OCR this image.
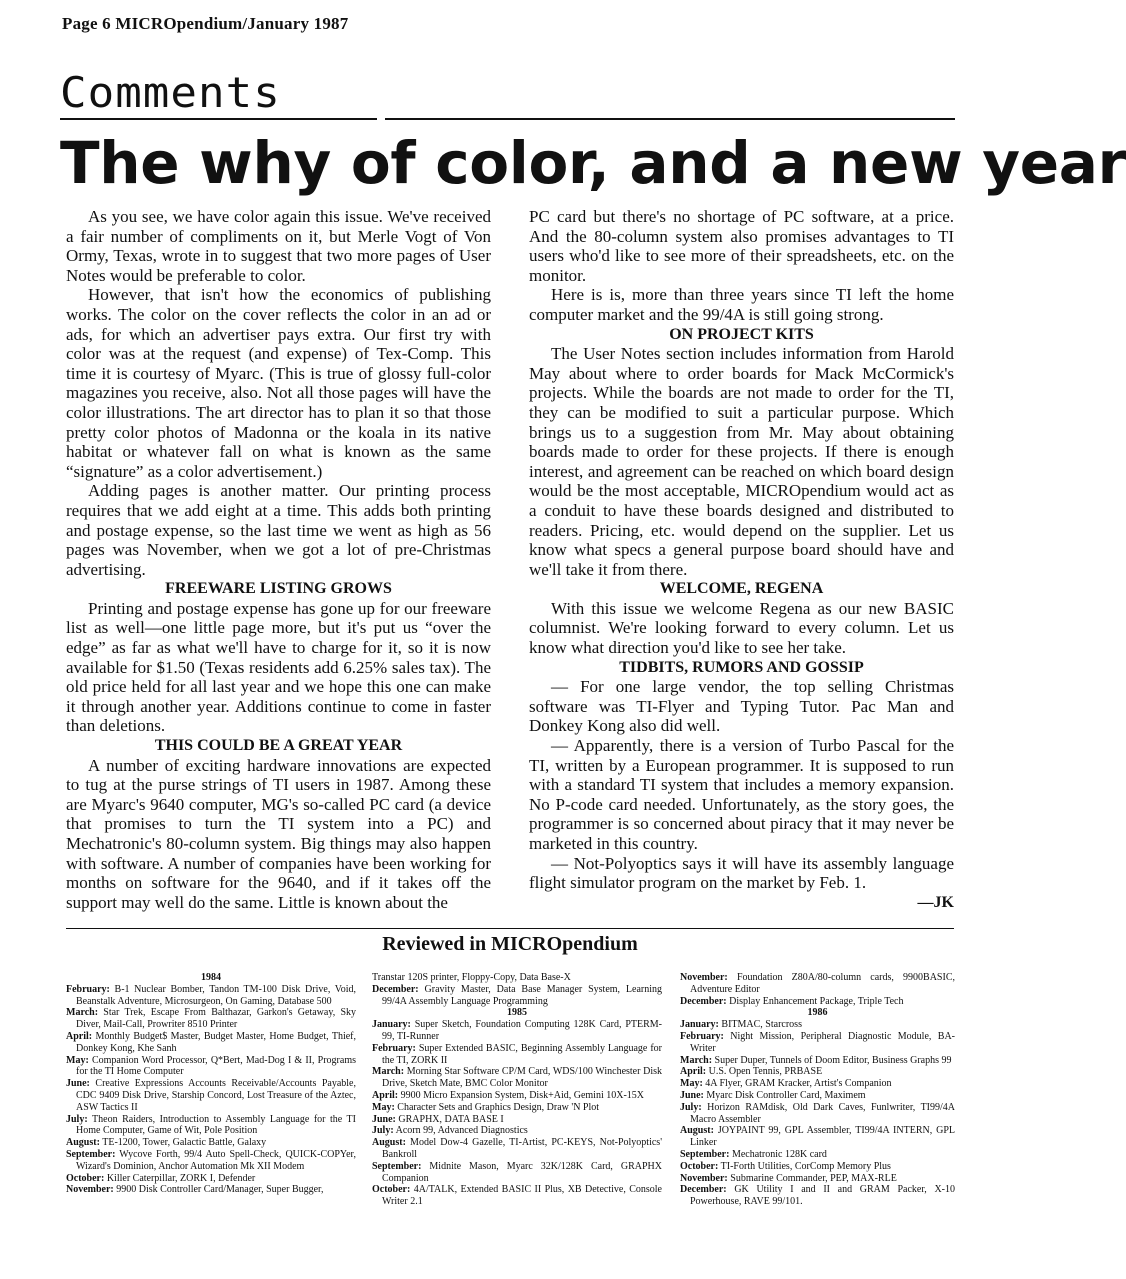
Page 6 MICROpendium/January 1987
Comments
The why of color, and a new year

As you see, we have color again this issue. We've received a fair number of compliments on it, but Merle Vogt of Von Ormy, Texas, wrote in to suggest that two more pages of User Notes would be preferable to color.

However, that isn't how the economics of publishing works. The color on the cover reflects the color in an ad or ads, for which an advertiser pays extra. Our first try with color was at the request (and expense) of Tex-Comp. This time it is courtesy of Myarc. (This is true of glossy full-color magazines you receive, also. Not all those pages will have the color illustrations. The art director has to plan it so that those pretty color photos of Madonna or the koala in its native habitat or whatever fall on what is known as the same “signature” as a color advertisement.)

Adding pages is another matter. Our printing process requires that we add eight at a time. This adds both printing and postage expense, so the last time we went as high as 56 pages was November, when we got a lot of pre-Christmas advertising.

FREEWARE LISTING GROWS

Printing and postage expense has gone up for our freeware list as well—one little page more, but it's put us “over the edge” as far as what we'll have to charge for it, so it is now available for $1.50 (Texas residents add 6.25% sales tax). The old price held for all last year and we hope this one can make it through another year. Additions continue to come in faster than deletions.

THIS COULD BE A GREAT YEAR

A number of exciting hardware innovations are expected to tug at the purse strings of TI users in 1987. Among these are Myarc's 9640 computer, MG's so-called PC card (a device that promises to turn the TI system into a PC) and Mechatronic's 80-column system. Big things may also happen with software. A number of companies have been working for months on software for the 9640, and if it takes off the support may well do the same. Little is known about the

PC card but there's no shortage of PC software, at a price. And the 80-column system also promises advantages to TI users who'd like to see more of their spreadsheets, etc. on the monitor.

Here is is, more than three years since TI left the home computer market and the 99/4A is still going strong.

ON PROJECT KITS

The User Notes section includes information from Harold May about where to order boards for Mack McCormick's projects. While the boards are not made to order for the TI, they can be modified to suit a particular purpose. Which brings us to a suggestion from Mr. May about obtaining boards made to order for these projects. If there is enough interest, and agreement can be reached on which board design would be the most acceptable, MICROpendium would act as a conduit to have these boards designed and distributed to readers. Pricing, etc. would depend on the supplier. Let us know what specs a general purpose board should have and we'll take it from there.

WELCOME, REGENA

With this issue we welcome Regena as our new BASIC columnist. We're looking forward to every column. Let us know what direction you'd like to see her take.

TIDBITS, RUMORS AND GOSSIP

— For one large vendor, the top selling Christmas software was TI-Flyer and Typing Tutor. Pac Man and Donkey Kong also did well.

— Apparently, there is a version of Turbo Pascal for the TI, written by a European programmer. It is supposed to run with a standard TI system that includes a memory expansion. No P-code card needed. Unfortunately, as the story goes, the programmer is so concerned about piracy that it may never be marketed in this country.

— Not-Polyoptics says it will have its assembly language flight simulator program on the market by Feb. 1.

—JK

Reviewed in MICROpendium

1984

February: B-1 Nuclear Bomber, Tandon TM-100 Disk Drive, Void, Beanstalk Adventure, Microsurgeon, On Gaming, Database 500

March: Star Trek, Escape From Balthazar, Garkon's Getaway, Sky Diver, Mail-Call, Prowriter 8510 Printer

April: Monthly Budget$ Master, Budget Master, Home Budget, Thief, Donkey Kong, Khe Sanh

May: Companion Word Processor, Q*Bert, Mad-Dog I & II, Programs for the TI Home Computer

June: Creative Expressions Accounts Receivable/Accounts Payable, CDC 9409 Disk Drive, Starship Concord, Lost Treasure of the Aztec, ASW Tactics II

July: Theon Raiders, Introduction to Assembly Language for the TI Home Computer, Game of Wit, Pole Position

August: TE-1200, Tower, Galactic Battle, Galaxy

September: Wycove Forth, 99/4 Auto Spell-Check, QUICK-COPYer, Wizard's Dominion, Anchor Automation Mk XII Modem

October: Killer Caterpillar, ZORK I, Defender

November: 9900 Disk Controller Card/Manager, Super Bugger,

Transtar 120S printer, Floppy-Copy, Data Base-X

December: Gravity Master, Data Base Manager System, Learning 99/4A Assembly Language Programming

1985

January: Super Sketch, Foundation Computing 128K Card, PTERM-99, TI-Runner

February: Super Extended BASIC, Beginning Assembly Language for the TI, ZORK II

March: Morning Star Software CP/M Card, WDS/100 Winchester Disk Drive, Sketch Mate, BMC Color Monitor

April: 9900 Micro Expansion System, Disk+Aid, Gemini 10X-15X

May: Character Sets and Graphics Design, Draw 'N Plot

June: GRAPHX, DATA BASE I

July: Acorn 99, Advanced Diagnostics

August: Model Dow-4 Gazelle, TI-Artist, PC-KEYS, Not-Polyoptics' Bankroll

September: Midnite Mason, Myarc 32K/128K Card, GRAPHX Companion

October: 4A/TALK, Extended BASIC II Plus, XB Detective, Console Writer 2.1

November: Foundation Z80A/80-column cards, 9900BASIC, Adventure Editor

December: Display Enhancement Package, Triple Tech

1986

January: BITMAC, Starcross

February: Night Mission, Peripheral Diagnostic Module, BA-Writer

March: Super Duper, Tunnels of Doom Editor, Business Graphs 99

April: U.S. Open Tennis, PRBASE

May: 4A Flyer, GRAM Kracker, Artist's Companion

June: Myarc Disk Controller Card, Maximem

July: Horizon RAMdisk, Old Dark Caves, Funlwriter, TI99/4A Macro Assembler

August: JOYPAINT 99, GPL Assembler, TI99/4A INTERN, GPL Linker

September: Mechatronic 128K card

October: TI-Forth Utilities, CorComp Memory Plus

November: Submarine Commander, PEP, MAX-RLE

December: GK Utility I and II and GRAM Packer, X-10 Powerhouse, RAVE 99/101.
